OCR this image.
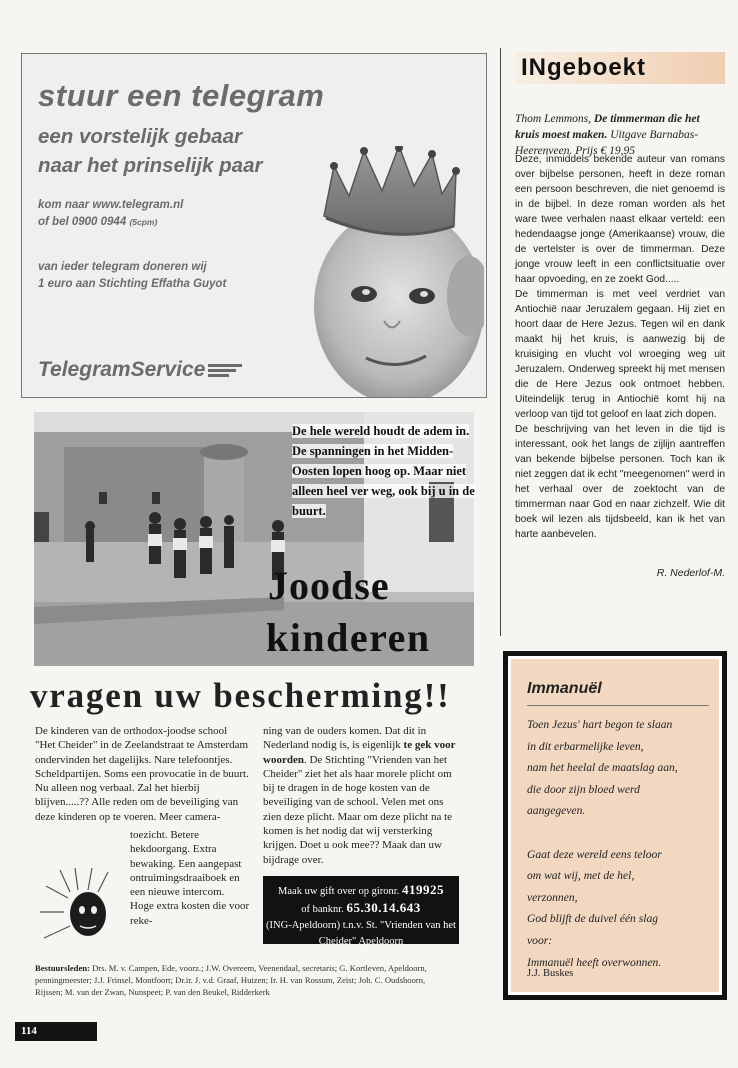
stuur een telegram
een vorstelijk gebaar
naar het prinselijk paar
kom naar www.telegram.nl
of bel 0900 0944 (5cpm)
van ieder telegram doneren wij
1 euro aan Stichting Effatha Guyot
TelegramService
De hele wereld houdt de adem in. De spanningen in het Midden-Oosten lopen hoog op. Maar niet alleen heel ver weg, ook bij u in de buurt.
Joodse
kinderen
vragen uw bescherming!!
De kinderen van de orthodox-joodse school "Het Cheider" in de Zeelandstraat te Amsterdam ondervinden het dagelijks. Nare telefoontjes. Scheldpartijen. Soms een provocatie in de buurt. Nu alleen nog verbaal. Zal het hierbij blijven.....?? Alle reden om de beveiliging van deze kinderen op te voeren. Meer camera-
toezicht. Betere hekdoorgang. Extra bewaking. Een aangepast ontruimingsdraaiboek en een nieuwe intercom. Hoge extra kosten die voor reke-
ning van de ouders komen. Dat dit in Nederland nodig is, is eigenlijk te gek voor woorden. De Stichting "Vrienden van het Cheider" ziet het als haar morele plicht om bij te dragen in de hoge kosten van de beveiliging van de school. Velen met ons zien deze plicht. Maar om deze plicht na te komen is het nodig dat wij versterking krijgen. Doet u ook mee?? Maak dan uw bijdrage over.
Maak uw gift over op gironr. 419925
of banknr. 65.30.14.643
(ING-Apeldoorn) t.n.v. St. "Vrienden van het Cheider" Apeldoorn
Bestuursleden: Drs. M. v. Campen, Ede, voorz.; J.W. Overeem, Veenendaal, secretaris; G. Kortleven, Apeldoorn, penningmeester; J.J. Frinsel, Montfoort; Dr.ir. J. v.d. Graaf, Huizen; Ir. H. van Rossum, Zeist; Joh. C. Oudshoorn, Rijssen; M. van der Zwan, Nunspeet; P. van den Beukel, Ridderkerk
114
INgeboekt
Thom Lemmons, De timmerman die het kruis moest maken. Uitgave Barnabas-Heerenveen. Prijs € 19,95

Deze, inmiddels bekende auteur van romans over bijbelse personen, heeft in deze roman een persoon beschreven, die niet genoemd is in de bijbel. In deze roman worden als het ware twee verhalen naast elkaar verteld: een hedendaagse jonge (Amerikaanse) vrouw, die de vertelster is over de timmerman. Deze jonge vrouw leeft in een conflictsituatie over haar opvoeding, en ze zoekt God.....

De timmerman is met veel verdriet van Antiochië naar Jeruzalem gegaan. Hij ziet en hoort daar de Here Jezus. Tegen wil en dank maakt hij het kruis, is aanwezig bij de kruisiging en vlucht vol wroeging weg uit Jeruzalem. Onderweg spreekt hij met mensen die de Here Jezus ook ontmoet hebben. Uiteindelijk terug in Antiochië komt hij na verloop van tijd tot geloof en laat zich dopen.

De beschrijving van het leven in die tijd is interessant, ook het langs de zijlijn aantreffen van bekende bijbelse personen. Toch kan ik niet zeggen dat ik echt "meegenomen" werd in het verhaal over de zoektocht van de timmerman naar God en naar zichzelf. Wie dit boek wil lezen als tijdsbeeld, kan ik het van harte aanbevelen.

R. Nederlof-M.
Immanuël
Toen Jezus' hart begon te slaan
in dit erbarmelijke leven,
nam het heelal de maatslag aan,
die door zijn bloed werd
aangegeven.
Gaat deze wereld eens teloor
om wat wij, met de hel,
verzonnen,
God blijft de duivel één slag
voor:
Immanuël heeft overwonnen.
J.J. Buskes
